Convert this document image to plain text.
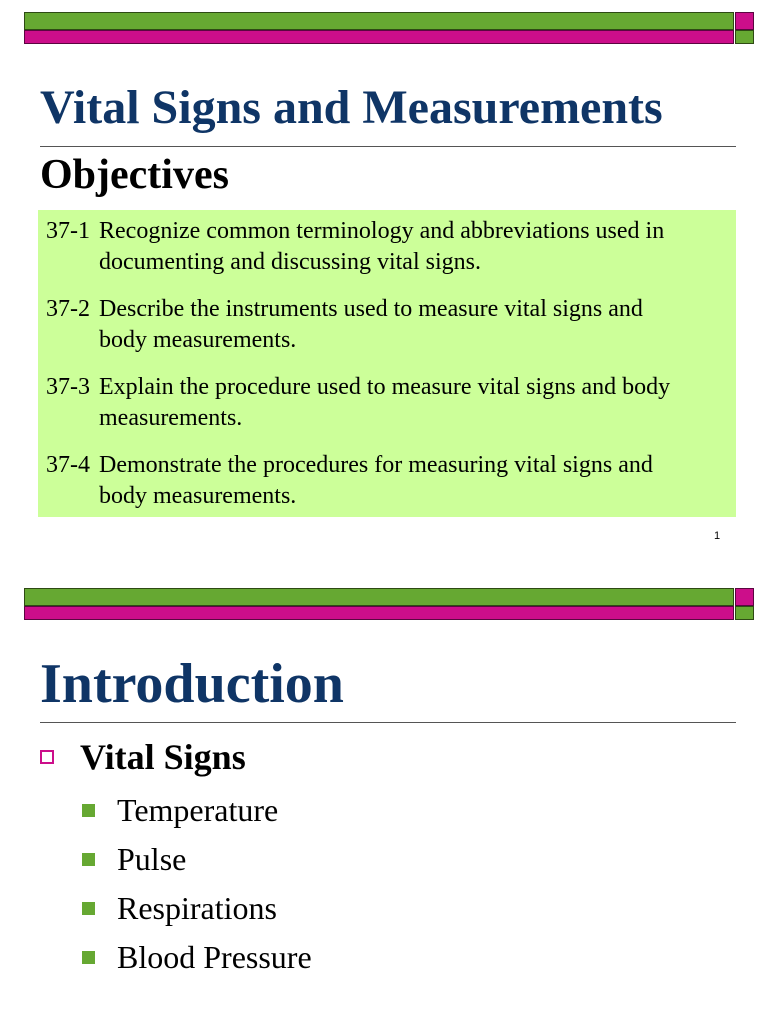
Vital Signs and Measurements
Objectives

37-1 Recognize common terminology and abbreviations used in
documenting and discussing vital signs.

37-2 Describe the instruments used to measure vital signs and
body measurements.

37-3 Explain the procedure used to measure vital signs and body
measurements.

37-4 Demonstrate the procedures for measuring vital signs and
body measurements.

1
Introduction
Vital Signs
Temperature
Pulse
Respirations
Blood Pressure
